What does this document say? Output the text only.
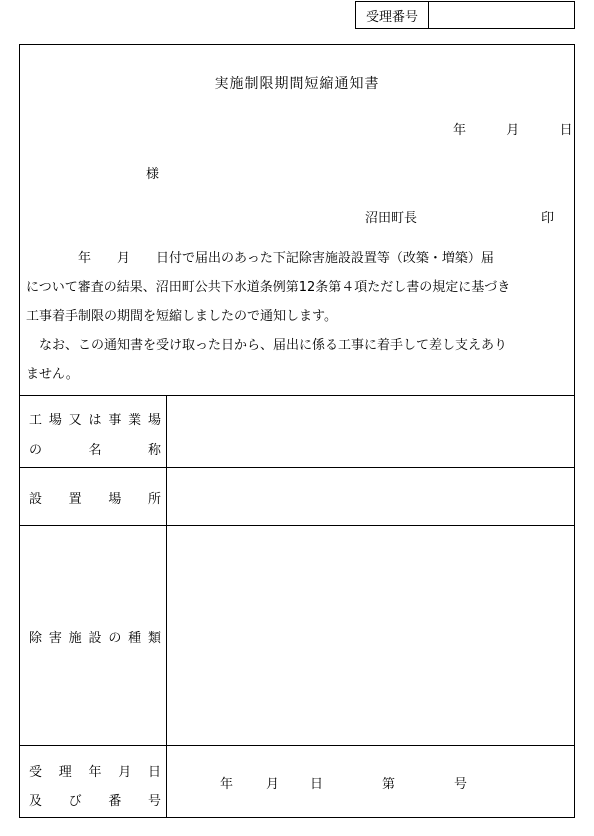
受理番号
実施制限期間短縮通知書
年	月	日
様
沼田町長	印
　　　　年　　月　　日付で届出のあった下記除害施設設置等（改築・増築）届
について審査の結果、沼田町公共下水道条例第12条第４項ただし書の規定に基づき
工事着手制限の期間を短縮しましたので通知します。
　なお、この通知書を受け取った日から、届出に係る工事に着手して差し支えあり
ません。
工 場 又 は 事 業 場
の	名	称
設 置 場 所
除 害 施 設 の 種 類
受 理 年 月 日
及 び 番 号
年	月 日	第	号
